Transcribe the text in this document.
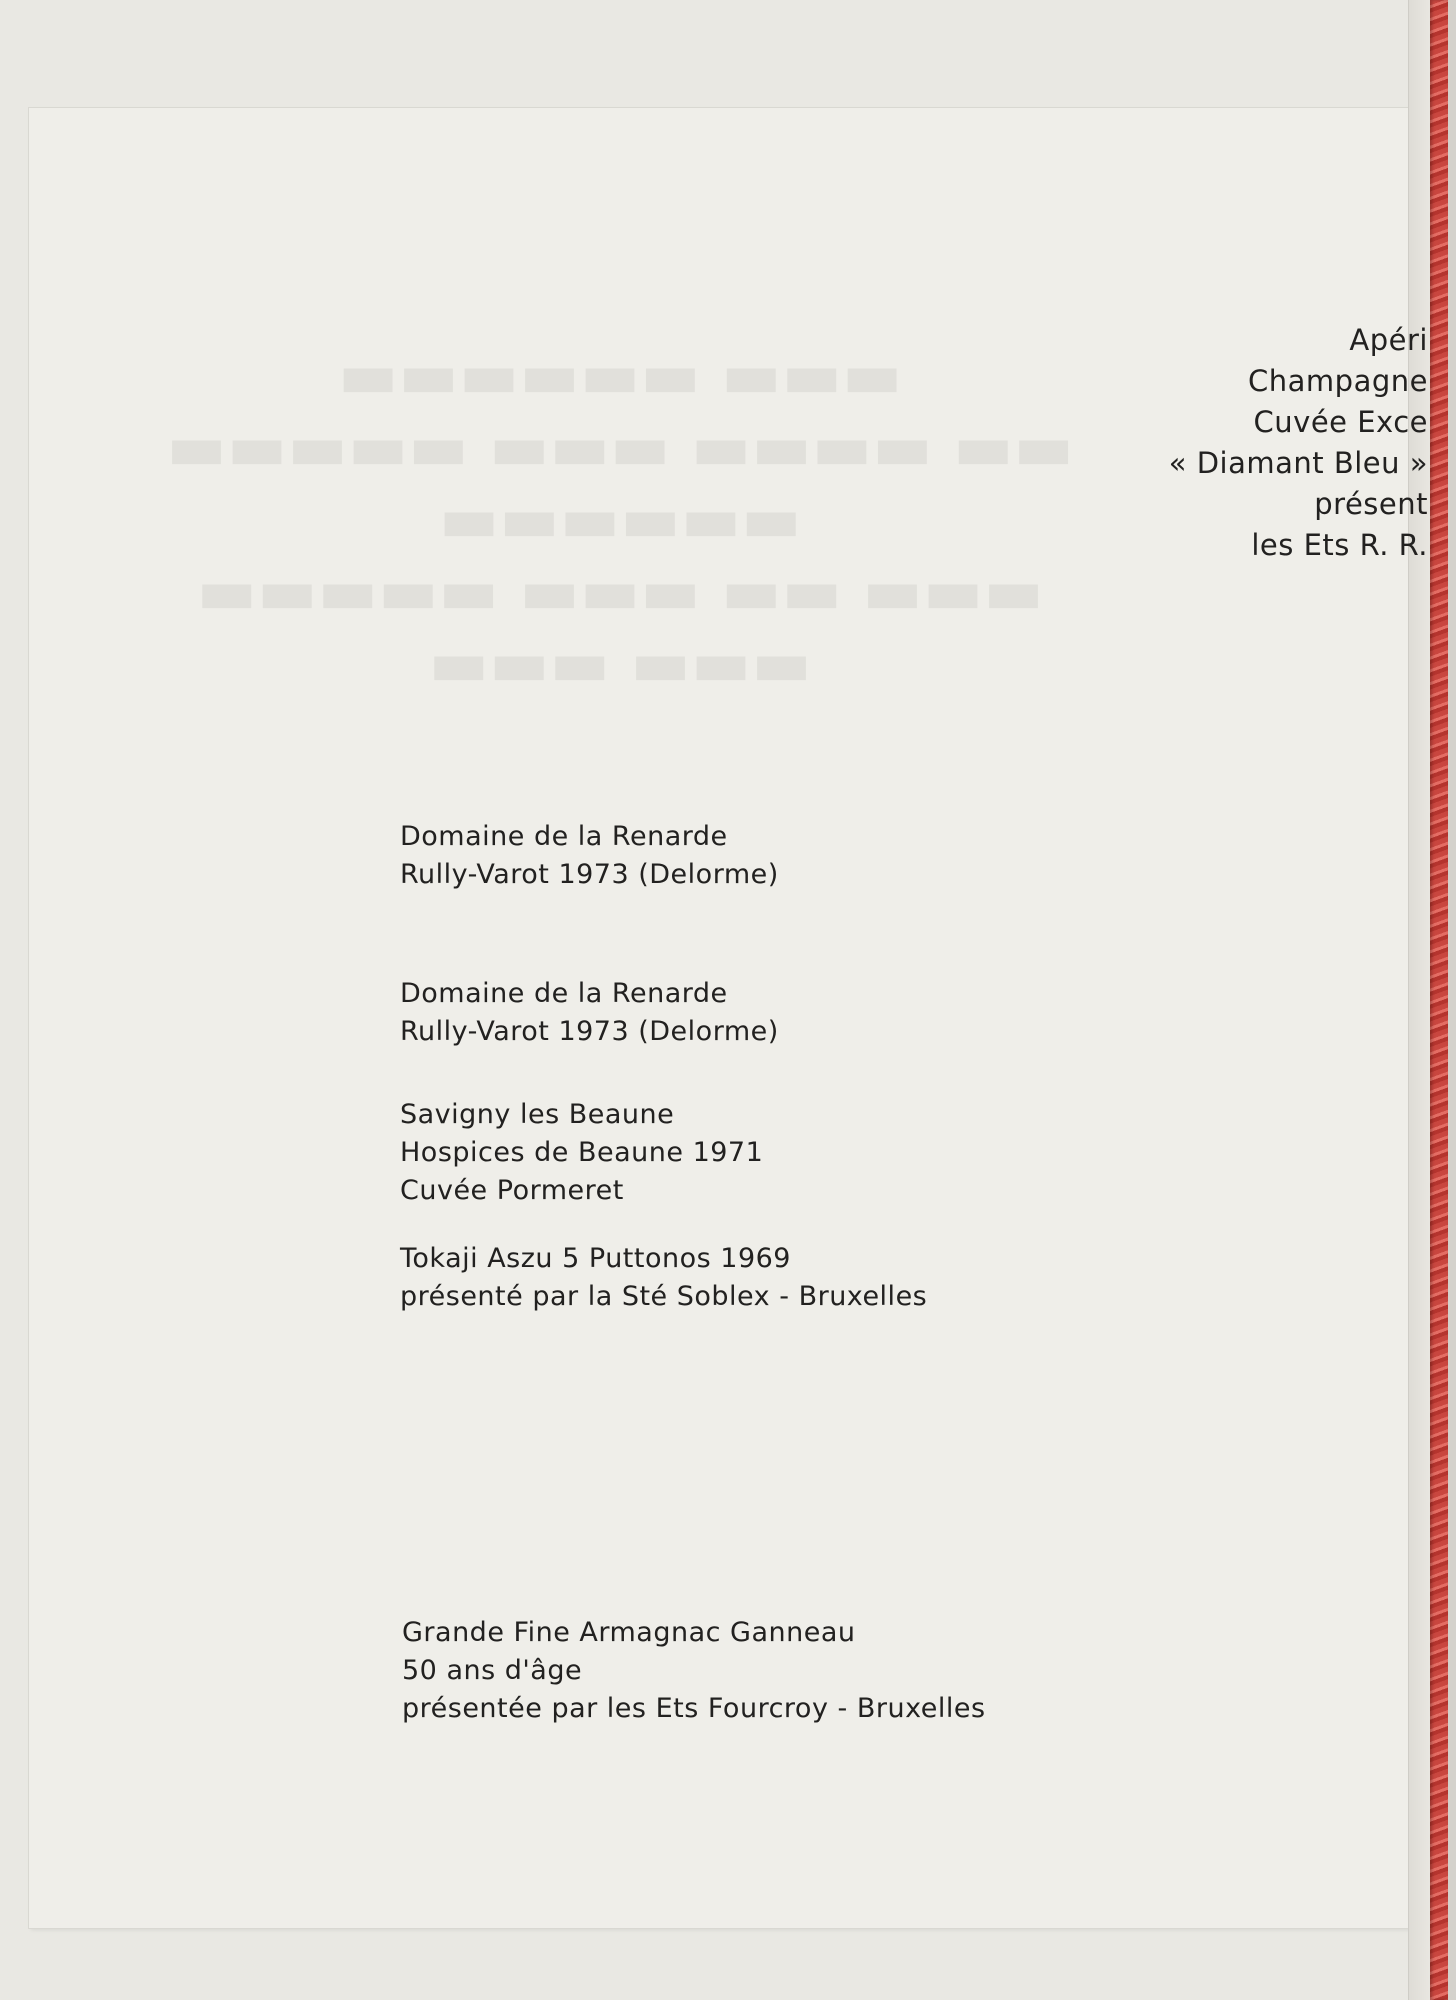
▬▬▬ ▬▬▬▬▬▬
▬▬ ▬▬▬▬ ▬▬▬ ▬▬▬▬▬
▬▬▬▬▬▬
▬▬▬ ▬▬ ▬▬▬ ▬▬▬▬▬
▬▬▬ ▬▬▬
Apéri
Champagne
Cuvée Exce
« Diamant Bleu »
présent
les Ets R. R.
Domaine de la Renarde
Rully-Varot 1973 (Delorme)
Domaine de la Renarde
Rully-Varot 1973 (Delorme)
Savigny les Beaune
Hospices de Beaune 1971
Cuvée Pormeret
Tokaji Aszu 5 Puttonos 1969
présenté par la Sté Soblex - Bruxelles
Grande Fine Armagnac Ganneau
50 ans d'âge
présentée par les Ets Fourcroy - Bruxelles
